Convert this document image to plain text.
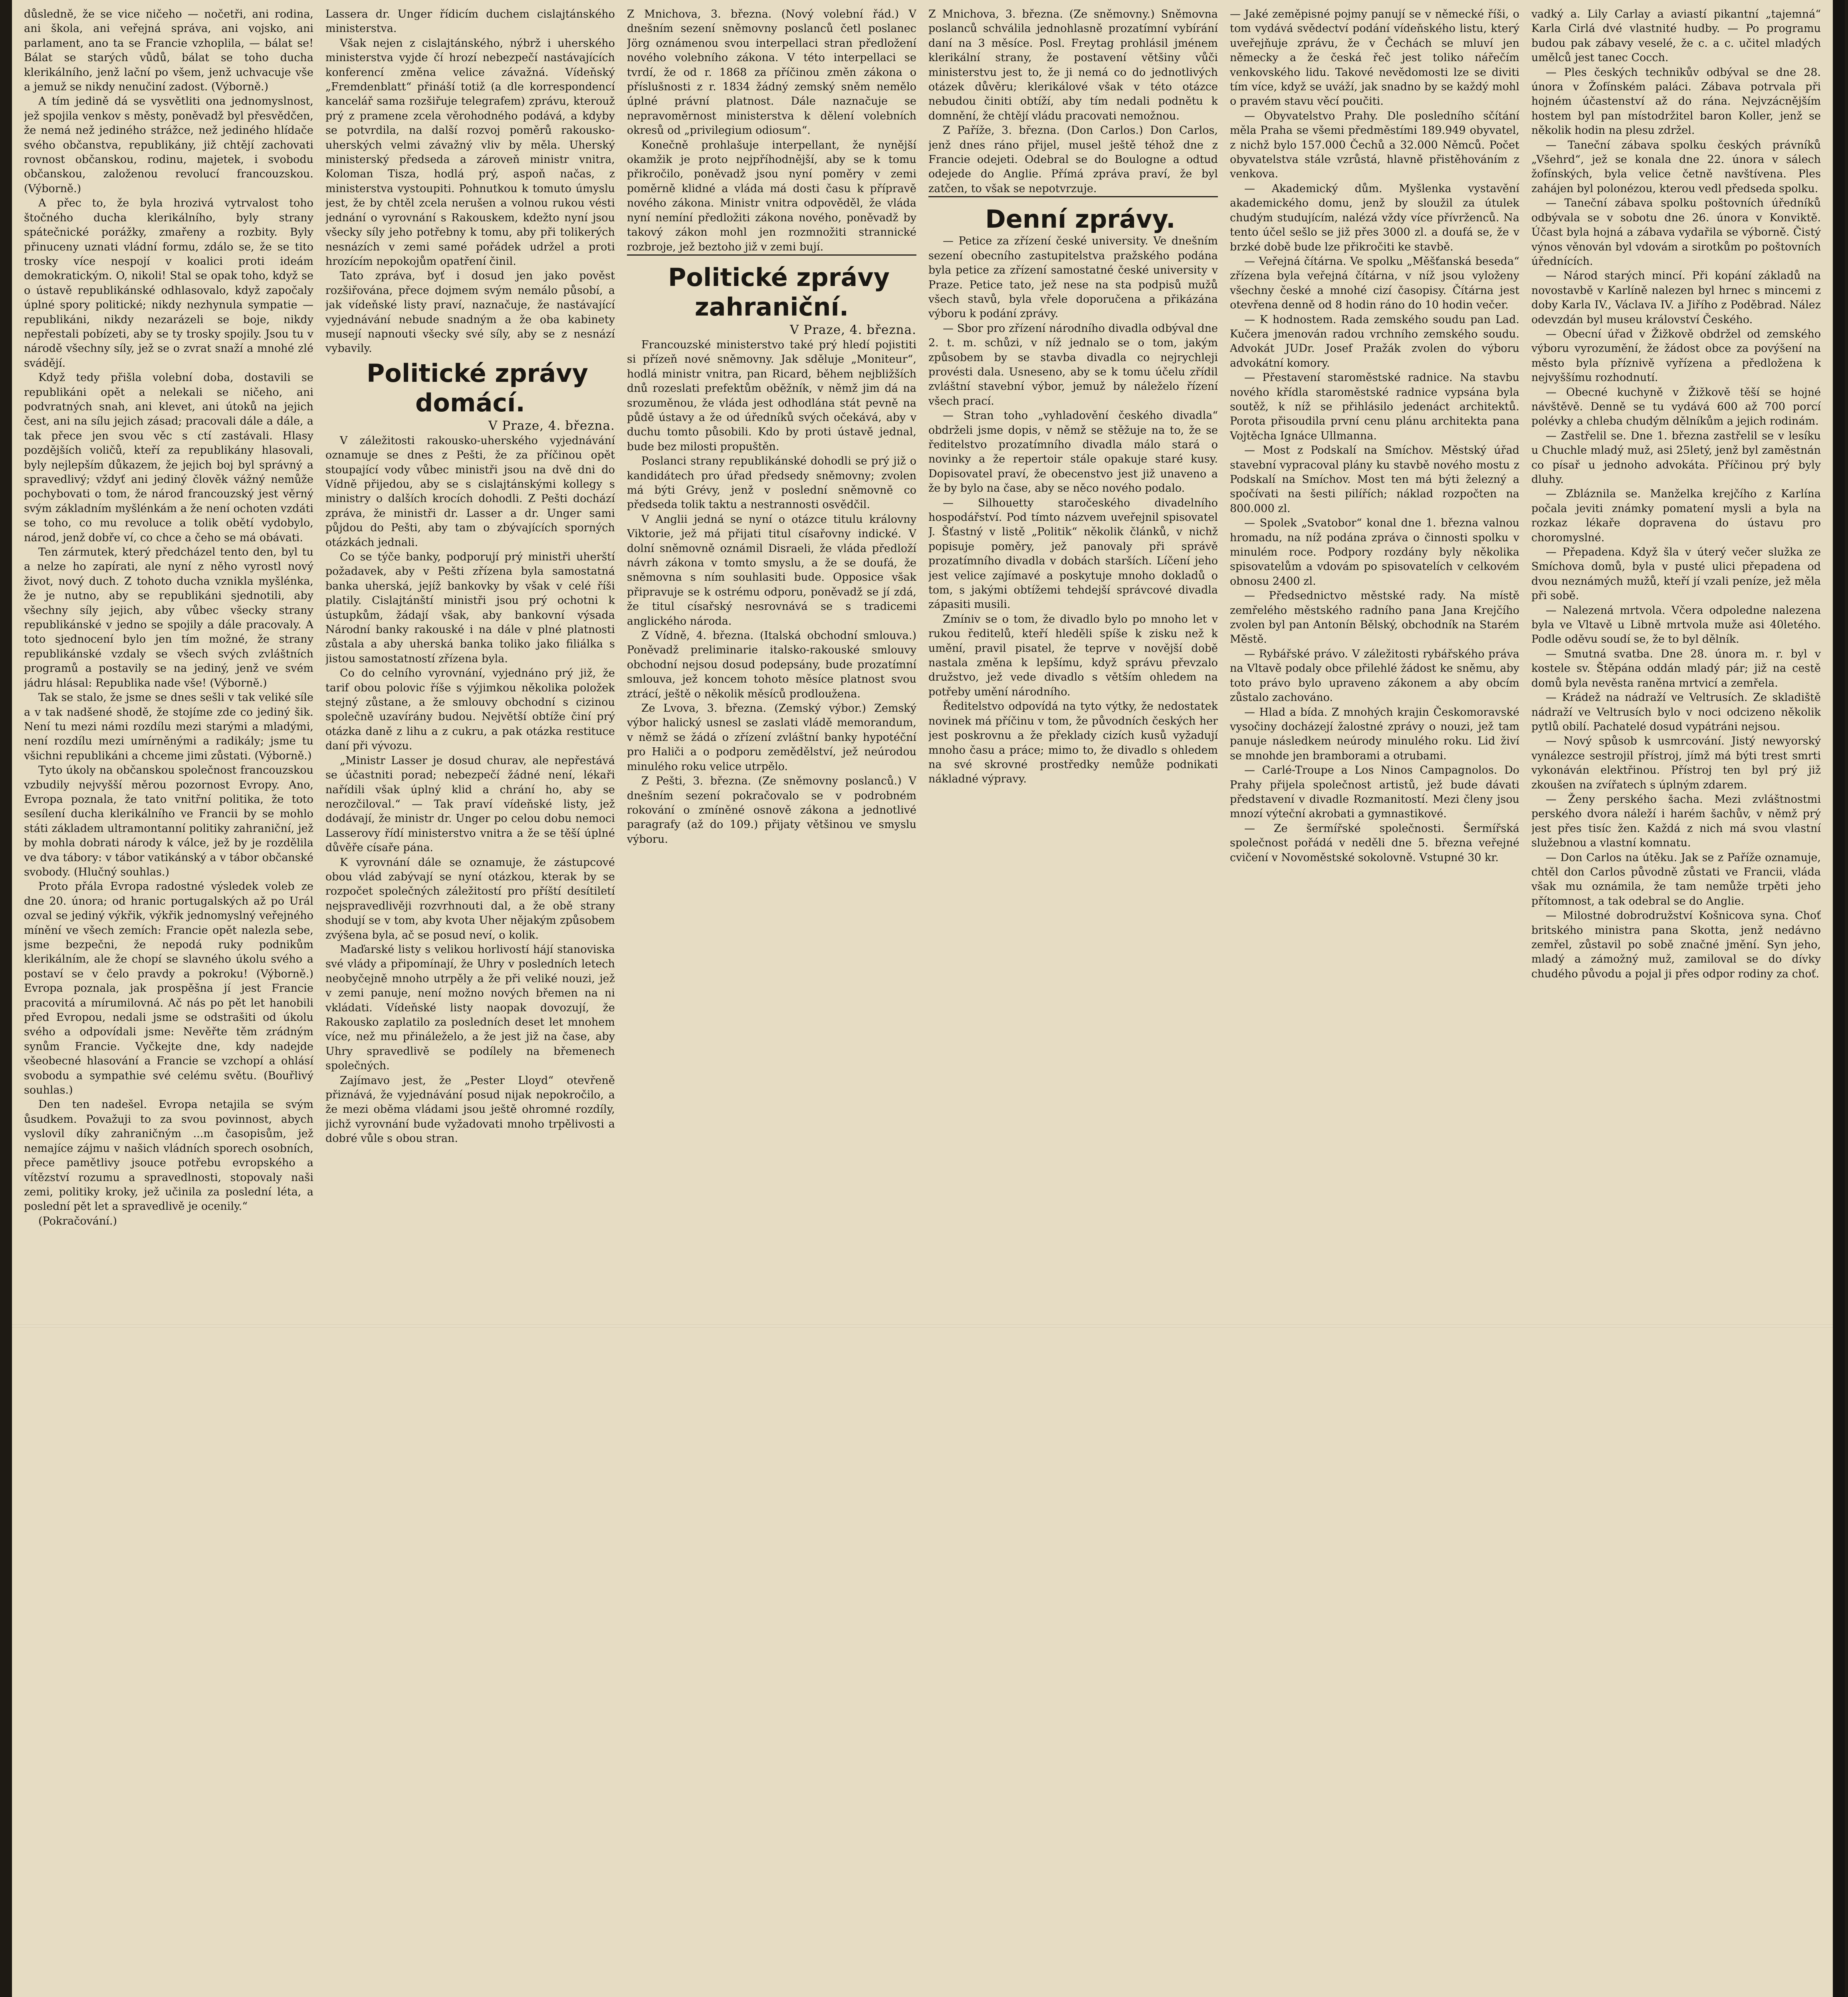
důsledně, že se vice ničeho — nočetři, ani rodina, ani škola, ani veřejná správa, ani vojsko, ani parlament, ano ta se Francie vzhoplila, — bálat se! Bálat se starých vůdů, bálat se toho ducha klerikálního, jenž lační po všem, jenž uchvacuje vše a jemuž se nikdy nenučiní zadost. (Výborně.)

A tím jedině dá se vysvětliti ona jednomyslnost, jež spojila venkov s městy, poněvadž byl přesvědčen, že nemá než jediného strážce, než jediného hlídače svého občanstva, republikány, již chtějí zachovati rovnost občanskou, rodinu, majetek, i svobodu občanskou, založenou revolucí francouzskou. (Výborně.)

A přec to, že byla hrozivá vytrvalost toho štočného ducha klerikálního, byly strany spátečnické porážky, zmařeny a rozbity. Byly přinuceny uznati vládní formu, zdálo se, že se tito trosky více nespojí v koalici proti ideám demokratickým. O, nikoli! Stal se opak toho, když se o ústavě republikánské odhlasovalo, když započaly úplné spory politické; nikdy nezhynula sympatie — republikáni, nikdy nezarázeli se boje, nikdy nepřestali pobízeti, aby se ty trosky spojily. Jsou tu v národě všechny síly, jež se o zvrat snaží a mnohé zlé svádějí.

Když tedy přišla volební doba, dostavili se republikáni opět a nelekali se ničeho, ani podvratných snah, ani klevet, ani útoků na jejich čest, ani na sílu jejich zásad; pracovali dále a dále, a tak přece jen svou věc s ctí zastávali. Hlasy pozdějších voličů, kteří za republikány hlasovali, byly nejlepším důkazem, že jejich boj byl správný a spravedlivý; vždyť ani jediný člověk vážný nemůže pochybovati o tom, že národ francouzský jest věrný svým základním myšlénkám a že není ochoten vzdáti se toho, co mu revoluce a tolik obětí vydobylo, národ, jenž dobře ví, co chce a čeho se má obávati.

Ten zármutek, který předcházel tento den, byl tu a nelze ho zapírati, ale nyní z něho vyrostl nový život, nový duch. Z tohoto ducha vznikla myšlénka, že je nutno, aby se republikáni sjednotili, aby všechny síly jejich, aby vůbec všecky strany republikánské v jedno se spojily a dále pracovaly. A toto sjednocení bylo jen tím možné, že strany republikánské vzdaly se všech svých zvláštních programů a postavily se na jediný, jenž ve svém jádru hlásal: Republika nade vše! (Výborně.)

Tak se stalo, že jsme se dnes sešli v tak veliké síle a v tak nadšené shodě, že stojíme zde co jediný šik. Není tu mezi námi rozdílu mezi starými a mladými, není rozdílu mezi umírněnými a radikály; jsme tu všichni republikáni a chceme jimi zůstati. (Výborně.)

Tyto úkoly na občanskou společnost francouzskou vzbudily nejvyšší měrou pozornost Evropy. Ano, Evropa poznala, že tato vnitřní politika, že toto sesílení ducha klerikálního ve Francii by se mohlo státi základem ultramontanní politiky zahraniční, jež by mohla dobrati národy k válce, jež by je rozdělila ve dva tábory: v tábor vatikánský a v tábor občanské svobody. (Hlučný souhlas.)

Proto přála Evropa radostné výsledek voleb ze dne 20. února; od hranic portugalských až po Urál ozval se jediný výkřik, výkřik jednomyslný veřejného mínění ve všech zemích: Francie opět nalezla sebe, jsme bezpečni, že nepodá ruky podnikům klerikálním, ale že chopí se slavného úkolu svého a postaví se v čelo pravdy a pokroku! (Výborně.) Evropa poznala, jak prospěšna jí jest Francie pracovitá a mírumilovná. Ač nás po pět let hanobili před Evropou, nedali jsme se odstrašiti od úkolu svého a odpovídali jsme: Nevěřte těm zrádným synům Francie. Vyčkejte dne, kdy nadejde všeobecné hlasování a Francie se vzchopí a ohlásí svobodu a sympathie své celému světu. (Bouřlivý souhlas.)

Den ten nadešel. Evropa netajila se svým ůsudkem. Považuji to za svou povinnost, abych vyslovil díky zahraničným ...m časopisům, jež nemajíce zájmu v našich vládních sporech osobních, přece pamětlivy jsouce potřebu evropského a vítězství rozumu a spravedlnosti, stopovaly naši zemi, politiky kroky, jež učinila za poslední léta, a poslední pět let a spravedlivě je ocenily.“

(Pokračování.)

Lassera dr. Unger řídicím duchem cislajtánského ministerstva.

Však nejen z cislajtánského, nýbrž i uherského ministerstva vyjde čí hrozí nebezpečí nastávajících konferencí změna velice závažná. Vídeňský „Fremdenblatt“ přináší totiž (a dle korrespondencí kancelář sama rozšiřuje telegrafem) zprávu, kterouž prý z pramene zcela věrohodného podává, a kdyby se potvrdila, na další rozvoj poměrů rakousko-uherských velmi závažný vliv by měla. Uherský ministerský předseda a zároveň ministr vnitra, Koloman Tisza, hodlá prý, aspoň načas, z ministerstva vystoupiti. Pohnutkou k tomuto úmyslu jest, že by chtěl zcela nerušen a volnou rukou vésti jednání o vyrovnání s Rakouskem, kdežto nyní jsou všecky síly jeho potřebny k tomu, aby při tolikerých nesnázích v zemi samé pořádek udržel a proti hrozícím nepokojům opatření činil.

Tato zpráva, byť i dosud jen jako pověst rozšiřována, přece dojmem svým nemálo působí, a jak vídeňské listy praví, naznačuje, že nastávající vyjednávání nebude snadným a že oba kabinety musejí napnouti všecky své síly, aby se z nesnází vybavily.

Politické zprávy domácí.

V Praze, 4. března.

V záležitosti rakousko-uherského vyjednávání oznamuje se dnes z Pešti, že za příčinou opět stoupající vody vůbec ministři jsou na dvě dni do Vídně přijedou, aby se s cislajtánskými kollegy s ministry o dalších krocích dohodli. Z Pešti dochází zpráva, že ministři dr. Lasser a dr. Unger sami půjdou do Pešti, aby tam o zbývajících sporných otázkách jednali.

Co se týče banky, podporují prý ministři uherští požadavek, aby v Pešti zřízena byla samostatná banka uherská, jejíž bankovky by však v celé říši platily. Cislajtánští ministři jsou prý ochotni k ústupkům, žádají však, aby bankovní výsada Národní banky rakouské i na dále v plné platnosti zůstala a aby uherská banka toliko jako filiálka s jistou samostatností zřízena byla.

Co do celního vyrovnání, vyjednáno prý již, že tarif obou polovic říše s výjimkou několika položek stejný zůstane, a že smlouvy obchodní s cizinou společně uzavírány budou. Největší obtíže činí prý otázka daně z lihu a z cukru, a pak otázka restituce daní při vývozu.

„Ministr Lasser je dosud churav, ale nepřestává se účastniti porad; nebezpečí žádné není, lékaři nařídili však úplný klid a chrání ho, aby se nerozčiloval.“ — Tak praví vídeňské listy, jež dodávají, že ministr dr. Unger po celou dobu nemoci Lasserovy řídí ministerstvo vnitra a že se těší úplné důvěře císaře pána.

K vyrovnání dále se oznamuje, že zástupcové obou vlád zabývají se nyní otázkou, kterak by se rozpočet společných záležitostí pro příští desítiletí nejspravedlivěji rozvrhnouti dal, a že obě strany shodují se v tom, aby kvota Uher nějakým způsobem zvýšena byla, ač se posud neví, o kolik.

Maďarské listy s velikou horlivostí hájí stanoviska své vlády a připomínají, že Uhry v posledních letech neobyčejně mnoho utrpěly a že při veliké nouzi, jež v zemi panuje, není možno nových břemen na ni vkládati. Vídeňské listy naopak dovozují, že Rakousko zaplatilo za posledních deset let mnohem více, než mu přináleželo, a že jest již na čase, aby Uhry spravedlivě se podílely na břemenech společných.

Zajímavo jest, že „Pester Lloyd“ otevřeně přiznává, že vyjednávání posud nijak nepokročilo, a že mezi oběma vládami jsou ještě ohromné rozdíly, jichž vyrovnání bude vyžadovati mnoho trpělivosti a dobré vůle s obou stran.

Z Mnichova, 3. března. (Nový volební řád.) V dnešním sezení sněmovny poslanců četl poslanec Jörg oznámenou svou interpellaci stran předložení nového volebního zákona. V této interpellaci se tvrdí, že od r. 1868 za příčinou změn zákona o příslušnosti z r. 1834 žádný zemský sněm nemělo úplné právní platnost. Dále naznačuje se nepravoměrnost ministerstva k dělení volebních okresů od „privilegium odiosum“.

Konečně prohlašuje interpellant, že nynější okamžik je proto nejpříhodnější, aby se k tomu přikročilo, poněvadž jsou nyní poměry v zemi poměrně klidné a vláda má dosti času k přípravě nového zákona. Ministr vnitra odpověděl, že vláda nyní nemíní předložiti zákona nového, poněvadž by takový zákon mohl jen rozmnožiti strannické rozbroje, jež beztoho již v zemi bují.

Politické zprávy zahraniční.

V Praze, 4. března.

Francouzské ministerstvo také prý hledí pojistiti si přízeň nové sněmovny. Jak sděluje „Moniteur“, hodlá ministr vnitra, pan Ricard, během nejbližších dnů rozeslati prefektům oběžník, v němž jim dá na srozuměnou, že vláda jest odhodlána stát pevně na půdě ústavy a že od úředníků svých očekává, aby v duchu tomto působili. Kdo by proti ústavě jednal, bude bez milosti propuštěn.

Poslanci strany republikánské dohodli se prý již o kandidátech pro úřad předsedy sněmovny; zvolen má býti Grévy, jenž v poslední sněmovně co předseda tolik taktu a nestrannosti osvědčil.

V Anglii jedná se nyní o otázce titulu královny Viktorie, jež má přijati titul císařovny indické. V dolní sněmovně oznámil Disraeli, že vláda předloží návrh zákona v tomto smyslu, a že se doufá, že sněmovna s ním souhlasiti bude. Opposice však připravuje se k ostrému odporu, poněvadž se jí zdá, že titul císařský nesrovnává se s tradicemi anglického národa.

Z Vídně, 4. března. (Italská obchodní smlouva.) Poněvadž preliminarie italsko-rakouské smlouvy obchodní nejsou dosud podepsány, bude prozatímní smlouva, jež koncem tohoto měsíce platnost svou ztrácí, ještě o několik měsíců prodloužena.

Ze Lvova, 3. března. (Zemský výbor.) Zemský výbor halický usnesl se zaslati vládě memorandum, v němž se žádá o zřízení zvláštní banky hypotéční pro Haliči a o podporu zemědělství, jež neúrodou minulého roku velice utrpělo.

Z Pešti, 3. března. (Ze sněmovny poslanců.) V dnešním sezení pokračovalo se v podrobném rokování o zmíněné osnově zákona a jednotlivé paragrafy (až do 109.) přijaty většinou ve smyslu výboru.

Z Mnichova, 3. března. (Ze sněmovny.) Sněmovna poslanců schválila jednohlasně prozatímní vybírání daní na 3 měsíce. Posl. Freytag prohlásil jménem klerikální strany, že postavení většiny vůči ministerstvu jest to, že ji nemá co do jednotlivých otázek důvěru; klerikálové však v této otázce nebudou činiti obtíží, aby tím nedali podnětu k domnění, že chtějí vládu pracovati nemožnou.

Z Paříže, 3. března. (Don Carlos.) Don Carlos, jenž dnes ráno přijel, musel ještě téhož dne z Francie odejeti. Odebral se do Boulogne a odtud odejede do Anglie. Přímá zpráva praví, že byl zatčen, to však se nepotvrzuje.

Denní zprávy.

— Petice za zřízení české university. Ve dnešním sezení obecního zastupitelstva pražského podána byla petice za zřízení samostatné české university v Praze. Petice tato, jež nese na sta podpisů mužů všech stavů, byla vřele doporučena a přikázána výboru k podání zprávy.

— Sbor pro zřízení národního divadla odbýval dne 2. t. m. schůzi, v níž jednalo se o tom, jakým způsobem by se stavba divadla co nejrychleji provésti dala. Usneseno, aby se k tomu účelu zřídil zvláštní stavební výbor, jemuž by náleželo řízení všech prací.

— Stran toho „vyhladovění českého divadla“ obdrželi jsme dopis, v němž se stěžuje na to, že se ředitelstvo prozatímního divadla málo stará o novinky a že repertoir stále opakuje staré kusy. Dopisovatel praví, že obecenstvo jest již unaveno a že by bylo na čase, aby se něco nového podalo.

— Silhouetty staročeského divadelního hospodářství. Pod tímto názvem uveřejnil spisovatel J. Šťastný v listě „Politik“ několik článků, v nichž popisuje poměry, jež panovaly při správě prozatímního divadla v dobách starších. Líčení jeho jest velice zajímavé a poskytuje mnoho dokladů o tom, s jakými obtížemi tehdejší správcové divadla zápasiti musili.

Zmíniv se o tom, že divadlo bylo po mnoho let v rukou ředitelů, kteří hleděli spíše k zisku než k umění, pravil pisatel, že teprve v novější době nastala změna k lepšímu, když správu převzalo družstvo, jež vede divadlo s větším ohledem na potřeby umění národního.

Ředitelstvo odpovídá na tyto výtky, že nedostatek novinek má příčinu v tom, že původních českých her jest poskrovnu a že překlady cizích kusů vyžadují mnoho času a práce; mimo to, že divadlo s ohledem na své skrovné prostředky nemůže podnikati nákladné výpravy.

— Jaké zeměpisné pojmy panují se v německé říši, o tom vydává svědectví podání vídeňského listu, který uveřejňuje zprávu, že v Čechách se mluví jen německy a že česká řeč jest toliko nářečím venkovského lidu. Takové nevědomosti lze se diviti tím více, když se uváží, jak snadno by se každý mohl o pravém stavu věcí poučiti.

— Obyvatelstvo Prahy. Dle posledního sčítání měla Praha se všemi předměstími 189.949 obyvatel, z nichž bylo 157.000 Čechů a 32.000 Němců. Počet obyvatelstva stále vzrůstá, hlavně přistěhováním z venkova.

— Akademický dům. Myšlenka vystavění akademického domu, jenž by sloužil za útulek chudým studujícím, nalézá vždy více přívrženců. Na tento účel sešlo se již přes 3000 zl. a doufá se, že v brzké době bude lze přikročiti ke stavbě.

— Veřejná čítárna. Ve spolku „Měšťanská beseda“ zřízena byla veřejná čítárna, v níž jsou vyloženy všechny české a mnohé cizí časopisy. Čítárna jest otevřena denně od 8 hodin ráno do 10 hodin večer.

— K hodnostem. Rada zemského soudu pan Lad. Kučera jmenován radou vrchního zemského soudu. Advokát JUDr. Josef Pražák zvolen do výboru advokátní komory.

— Přestavení staroměstské radnice. Na stavbu nového křídla staroměstské radnice vypsána byla soutěž, k níž se přihlásilo jedenáct architektů. Porota přisoudila první cenu plánu architekta pana Vojtěcha Ignáce Ullmanna.

— Most z Podskalí na Smíchov. Městský úřad stavební vypracoval plány ku stavbě nového mostu z Podskalí na Smíchov. Most ten má býti železný a spočívati na šesti pilířích; náklad rozpočten na 800.000 zl.

— Spolek „Svatobor“ konal dne 1. března valnou hromadu, na níž podána zpráva o činnosti spolku v minulém roce. Podpory rozdány byly několika spisovatelům a vdovám po spisovatelích v celkovém obnosu 2400 zl.

— Předsednictvo městské rady. Na místě zemřelého městského radního pana Jana Krejčího zvolen byl pan Antonín Bělský, obchodník na Starém Městě.

— Rybářské právo. V záležitosti rybářského práva na Vltavě podaly obce přilehlé žádost ke sněmu, aby toto právo bylo upraveno zákonem a aby obcím zůstalo zachováno.

— Hlad a bída. Z mnohých krajin Českomoravské vysočiny docházejí žalostné zprávy o nouzi, jež tam panuje následkem neúrody minulého roku. Lid živí se mnohde jen bramborami a otrubami.

— Carlé-Troupe a Los Ninos Campagnolos. Do Prahy přijela společnost artistů, jež bude dávati představení v divadle Rozmanitostí. Mezi členy jsou mnozí výteční akrobati a gymnastikové.

— Ze šermířské společnosti. Šermířská společnost pořádá v neděli dne 5. března veřejné cvičení v Novoměstské sokolovně. Vstupné 30 kr.

vadký a. Lily Carlay a aviastí pikantní „tajemná“ Karla Cirlá dvé vlastnité hudby. — Po programu budou pak zábavy veselé, že c. a c. učitel mladých umělců jest tanec Cocch.

— Ples českých technikův odbýval se dne 28. února v Žofínském paláci. Zábava potrvala při hojném účastenství až do rána. Nejvzácnějším hostem byl pan místodržitel baron Koller, jenž se několik hodin na plesu zdržel.

— Taneční zábava spolku českých právníků „Všehrd“, jež se konala dne 22. února v sálech žofínských, byla velice četně navštívena. Ples zahájen byl polonézou, kterou vedl předseda spolku.

— Taneční zábava spolku poštovních úředníků odbývala se v sobotu dne 26. února v Konviktě. Účast byla hojná a zábava vydařila se výborně. Čistý výnos věnován byl vdovám a sirotkům po poštovních úřednících.

— Národ starých mincí. Při kopání základů na novostavbě v Karlíně nalezen byl hrnec s mincemi z doby Karla IV., Václava IV. a Jiřího z Poděbrad. Nález odevzdán byl museu království Českého.

— Obecní úřad v Žižkově obdržel od zemského výboru vyrozumění, že žádost obce za povýšení na město byla příznivě vyřízena a předložena k nejvyššímu rozhodnutí.

— Obecné kuchyně v Žižkově těší se hojné návštěvě. Denně se tu vydává 600 až 700 porcí polévky a chleba chudým dělníkům a jejich rodinám.

— Zastřelil se. Dne 1. března zastřelil se v lesíku u Chuchle mladý muž, asi 25letý, jenž byl zaměstnán co písař u jednoho advokáta. Příčinou prý byly dluhy.

— Zbláznila se. Manželka krejčího z Karlína počala jeviti známky pomatení mysli a byla na rozkaz lékaře dopravena do ústavu pro choromyslné.

— Přepadena. Když šla v úterý večer služka ze Smíchova domů, byla v pusté ulici přepadena od dvou neznámých mužů, kteří jí vzali peníze, jež měla při sobě.

— Nalezená mrtvola. Včera odpoledne nalezena byla ve Vltavě u Libně mrtvola muže asi 40letého. Podle oděvu soudí se, že to byl dělník.

— Smutná svatba. Dne 28. února m. r. byl v kostele sv. Štěpána oddán mladý pár; již na cestě domů byla nevěsta raněna mrtvicí a zemřela.

— Krádež na nádraží ve Veltrusích. Ze skladiště nádraží ve Veltrusích bylo v noci odcizeno několik pytlů obilí. Pachatelé dosud vypátráni nejsou.

— Nový spůsob k usmrcování. Jistý newyorský vynálezce sestrojil přístroj, jímž má býti trest smrti vykonáván elektřinou. Přístroj ten byl prý již zkoušen na zvířatech s úplným zdarem.

— Ženy perského šacha. Mezi zvláštnostmi perského dvora náleží i harém šachův, v němž prý jest přes tisíc žen. Každá z nich má svou vlastní služebnou a vlastní komnatu.

— Don Carlos na útěku. Jak se z Paříže oznamuje, chtěl don Carlos původně zůstati ve Francii, vláda však mu oznámila, že tam nemůže trpěti jeho přítomnost, a tak odebral se do Anglie.

— Milostné dobrodružství Košnicova syna. Choť britského ministra pana Skotta, jenž nedávno zemřel, zůstavil po sobě značné jmění. Syn jeho, mladý a zámožný muž, zamiloval se do dívky chudého původu a pojal ji přes odpor rodiny za choť.
